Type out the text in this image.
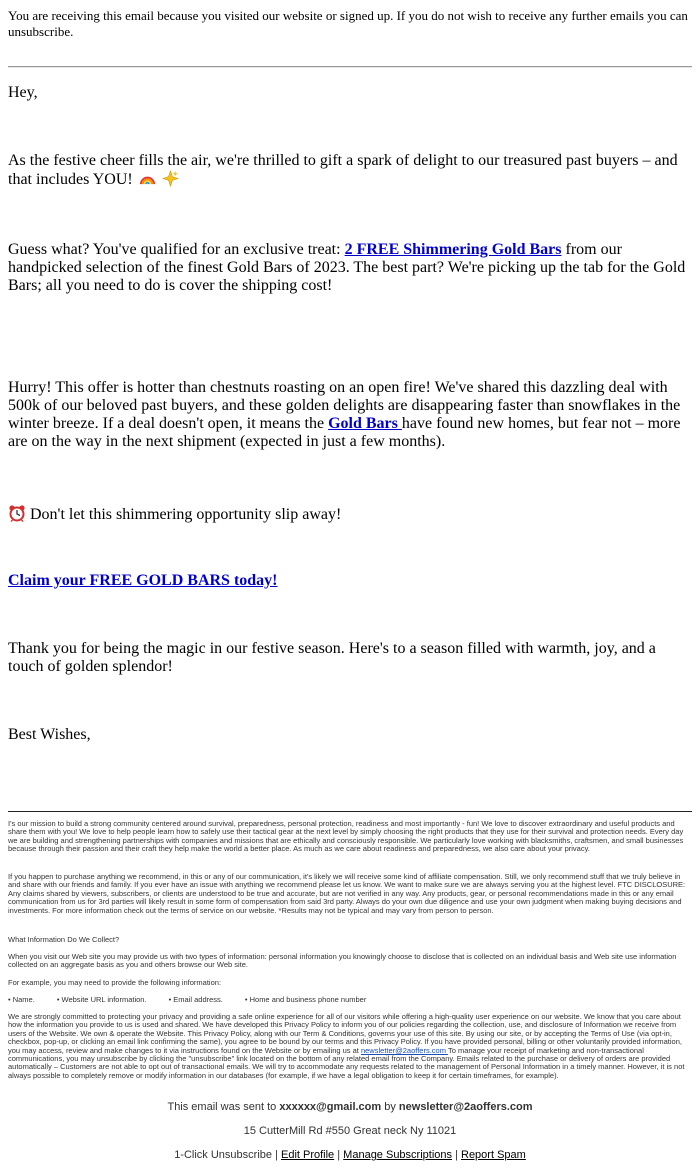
You are receiving this email because you visited our website or signed up. If you do not wish to receive any further emails you can unsubscribe.
Hey,
As the festive cheer fills the air, we're thrilled to gift a spark of delight to our treasured past buyers – and that includes YOU!
Guess what? You've qualified for an exclusive treat: 2 FREE Shimmering Gold Bars from our handpicked selection of the finest Gold Bars of 2023. The best part? We're picking up the tab for the Gold Bars; all you need to do is cover the shipping cost!
Hurry! This offer is hotter than chestnuts roasting on an open fire! We've shared this dazzling deal with 500k of our beloved past buyers, and these golden delights are disappearing faster than snowflakes in the winter breeze. If a deal doesn't open, it means the Gold Bars have found new homes, but fear not – more are on the way in the next shipment (expected in just a few months).
Don't let this shimmering opportunity slip away!
Claim your FREE GOLD BARS today!
Thank you for being the magic in our festive season. Here's to a season filled with warmth, joy, and a touch of golden splendor!
Best Wishes,
I's our mission to build a strong community centered around survival, preparedness, personal protection, readiness and most importantly - fun! We love to discover extraordinary and useful products and share them with you! We love to help people learn how to safely use their tactical gear at the next level by simply choosing the right products that they use for their survival and protection needs. Every day we are building and strengthening partnerships with companies and missions that are ethically and consciously responsible. We particularly love working with blacksmiths, craftsmen, and small businesses because through their passion and their craft they help make the world a better place. As much as we care about readiness and preparedness, we also care about your privacy.
If you happen to purchase anything we recommend, in this or any of our communication, it's likely we will receive some kind of affiliate compensation. Still, we only recommend stuff that we truly believe in and share with our friends and family. If you ever have an issue with anything we recommend please let us know. We want to make sure we are always serving you at the highest level. FTC DISCLOSURE: Any claims shared by viewers, subscribers, or clients are understood to be true and accurate, but are not verified in any way. Any products, gear, or personal recommendations made in this or any email communication from us for 3rd parties will likely result in some form of compensation from said 3rd party. Always do your own due diligence and use your own judgment when making buying decisions and investments. For more information check out the terms of service on our website. *Results may not be typical and may vary from person to person.
What Information Do We Collect?
When you visit our Web site you may provide us with two types of information: personal information you knowingly choose to disclose that is collected on an individual basis and Web site use information collected on an aggregate basis as you and others browse our Web site.
For example, you may need to provide the following information:
• Name.	• Website URL information.	• Email address.	• Home and business phone number
We are strongly committed to protecting your privacy and providing a safe online experience for all of our visitors while offering a high-quality user experience on our website. We know that you care about how the information you provide to us is used and shared. We have developed this Privacy Policy to inform you of our policies regarding the collection, use, and disclosure of Information we receive from users of the Website. We own & operate the Website. This Privacy Policy, along with our Term & Conditions, governs your use of this site. By using our site, or by accepting the Terms of Use (via opt-in, checkbox, pop-up, or clicking an email link confirming the same), you agree to be bound by our terms and this Privacy Policy. If you have provided personal, billing or other voluntarily provided information, you may access, review and make changes to it via instructions found on the Website or by emailing us at newsletter@2aoffers.com To manage your receipt of marketing and non-transactional communications, you may unsubscribe by clicking the "unsubscribe" link located on the bottom of any related email from the Company. Emails related to the purchase or delivery of orders are provided automatically – Customers are not able to opt out of transactional emails. We will try to accommodate any requests related to the management of Personal Information in a timely manner. However, it is not always possible to completely remove or modify information in our databases (for example, if we have a legal obligation to keep it for certain timeframes, for example).
This email was sent to xxxxxx@gmail.com by newsletter@2aoffers.com
15 CutterMill Rd #550 Great neck Ny 11021
1-Click Unsubscribe | Edit Profile | Manage Subscriptions | Report Spam
